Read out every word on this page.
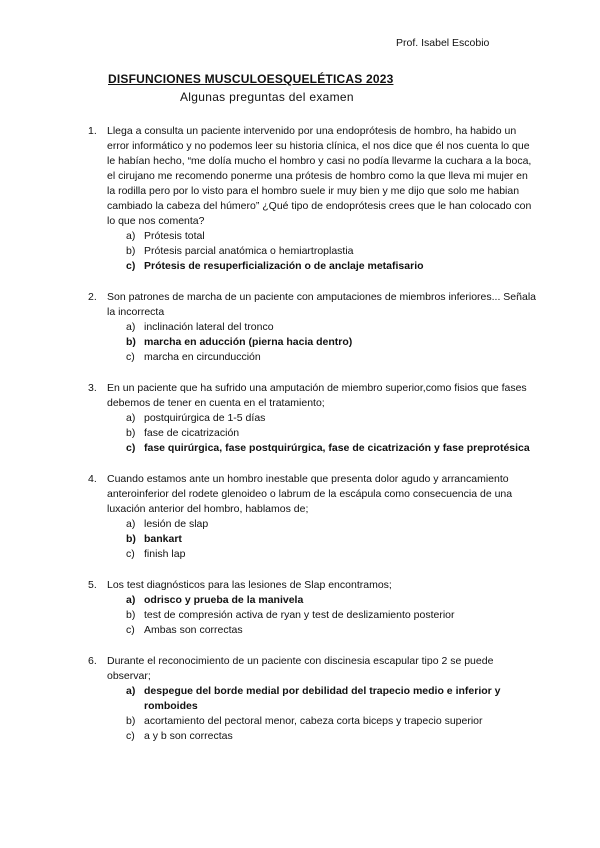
Prof. Isabel Escobio
DISFUNCIONES MUSCULOESQUELÉTICAS 2023
Algunas preguntas del examen
1. Llega a consulta un paciente intervenido por una endoprótesis de hombro, ha habido un error informático y no podemos leer su historia clínica, el nos dice que él nos cuenta lo que le habían hecho, “me dolía mucho el hombro y casi no podía llevarme la cuchara a la boca, el cirujano me recomendo ponerme una prótesis de hombro como la que lleva mi mujer en la rodilla pero por lo visto para el hombro suele ir muy bien y me dijo que solo me habian cambiado la cabeza del húmero” ¿Qué tipo de endoprótesis crees que le han colocado con lo que nos comenta?
a) Prótesis total
b) Prótesis parcial anatómica o hemiartroplastia
c) Prótesis de resuperficialización o de anclaje metafisario
2. Son patrones de marcha de un paciente con amputaciones de miembros inferiores... Señala la incorrecta
a) inclinación lateral del tronco
b) marcha en aducción (pierna hacia dentro)
c) marcha en circunducción
3. En un paciente que ha sufrido una amputación de miembro superior,como fisios que fases debemos de tener en cuenta en el tratamiento;
a) postquirúrgica de 1-5 días
b) fase de cicatrización
c) fase quirúrgica, fase postquirúrgica, fase de cicatrización y fase preprotésica
4. Cuando estamos ante un hombro inestable que presenta dolor agudo y arrancamiento anteroinferior del rodete glenoideo o labrum de la escápula como consecuencia de una luxación anterior del hombro, hablamos de;
a) lesión de slap
b) bankart
c) finish lap
5. Los test diagnósticos para las lesiones de Slap encontramos;
a) odrisco y prueba de la manivela
b) test de compresión activa de ryan y test de deslizamiento posterior
c) Ambas son correctas
6. Durante el reconocimiento de un paciente con discinesia escapular tipo 2 se puede observar;
a) despegue del borde medial por debilidad del trapecio medio e inferior y romboides
b) acortamiento del pectoral menor, cabeza corta biceps y trapecio superior
c) a y b son correctas
